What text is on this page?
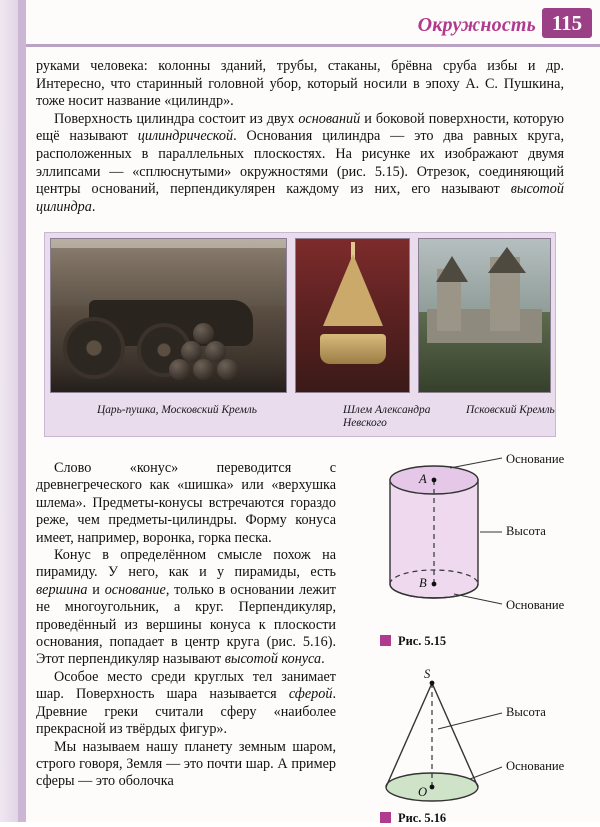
Окружность 115

руками человека: колонны зданий, трубы, стаканы, брёвна сруба избы и др. Интересно, что старинный головной убор, который носили в эпоху А. С. Пушкина, тоже носит название «цилиндр».

Поверхность цилиндра состоит из двух оснований и боковой поверхности, которую ещё называют цилиндрической. Основания цилиндра — это два равных круга, расположенных в параллельных плоскостях. На рисунке их изображают двумя эллипсами — «сплюснутыми» окружностями (рис. 5.15). Отрезок, соединяющий центры оснований, перпендикулярен каждому из них, его называют высотой цилиндра.

Царь-пушка, Московский Кремль	Шлем Александра Невского
Псковский Кремль

Слово «конус» переводится с древнегреческого как «шишка» или «верхушка шлема». Предметы-конусы встречаются гораздо реже, чем предметы-цилиндры. Форму конуса имеет, например, воронка, горка песка.

Конус в определённом смысле похож на пирамиду. У него, как и у пирамиды, есть вершина и основание, только в основании лежит не многоугольник, а круг. Перпендикуляр, проведённый из вершины конуса к плоскости основания, попадает в центр круга (рис. 5.16). Этот перпендикуляр называют высотой конуса.

Особое место среди круглых тел занимает шар. Поверхность шара называется сферой. Древние греки считали сферу «наиболее прекрасной из твёрдых фигур».

Мы называем нашу планету земным шаром, строго говоря, Земля — это почти шар. А пример сферы — это оболочка

Основание
Высота
Основание
A
B
Рис. 5.15
S
O
Высота
Основание
Рис. 5.16
